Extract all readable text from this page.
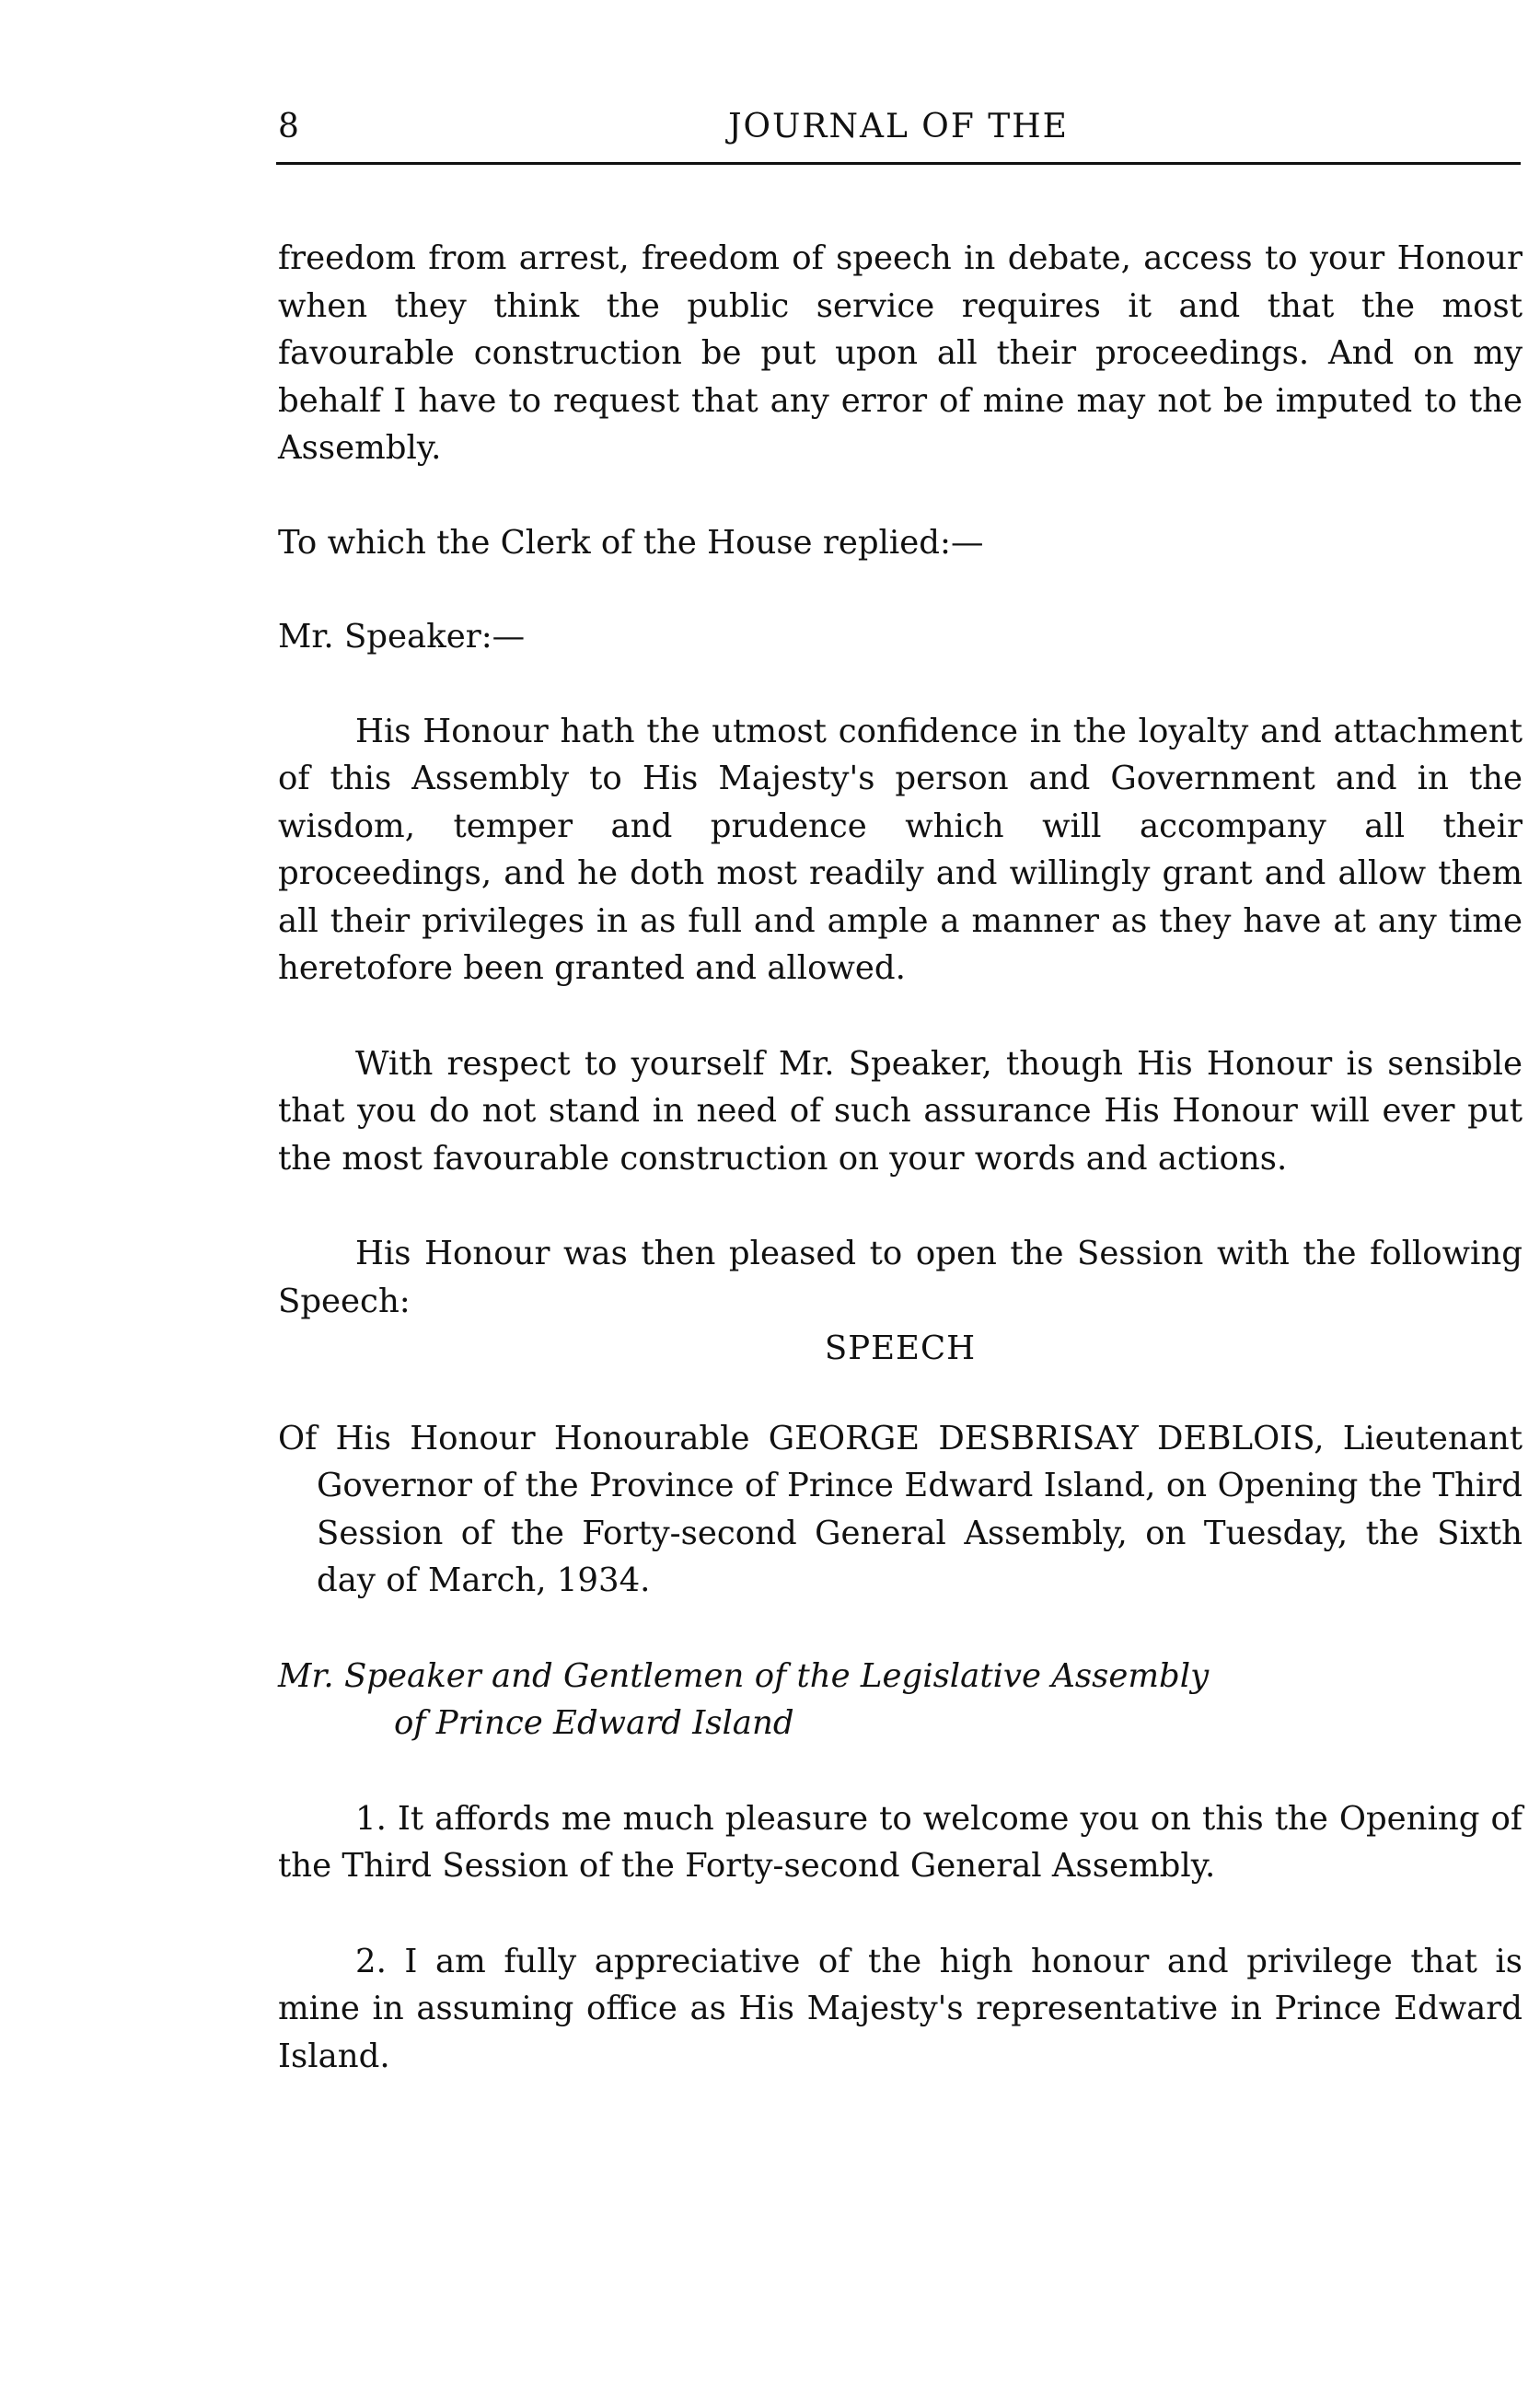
8	JOURNAL OF THE

freedom from arrest, freedom of speech in debate, access to your Honour when they think the public service requires it and that the most favourable construction be put upon all their proceedings. And on my behalf I have to request that any error of mine may not be imputed to the Assembly.

To which the Clerk of the House replied:—

Mr. Speaker:—

His Honour hath the utmost confidence in the loyalty and attachment of this Assembly to His Majesty's person and Government and in the wisdom, temper and prudence which will accompany all their proceedings, and he doth most readily and willingly grant and allow them all their privileges in as full and ample a manner as they have at any time heretofore been granted and allowed.

With respect to yourself Mr. Speaker, though His Honour is sensible that you do not stand in need of such assurance His Honour will ever put the most favourable construction on your words and actions.

His Honour was then pleased to open the Session with the following Speech:

SPEECH

Of His Honour Honourable GEORGE DESBRISAY DEBLOIS, Lieutenant Governor of the Province of Prince Edward Island, on Opening the Third Session of the Forty-second General Assembly, on Tuesday, the Sixth day of March, 1934.

Mr. Speaker and Gentlemen of the Legislative Assembly
of Prince Edward Island

1. It affords me much pleasure to welcome you on this the Opening of the Third Session of the Forty-second General Assembly.

2. I am fully appreciative of the high honour and privilege that is mine in assuming office as His Majesty's representative in Prince Edward Island.
